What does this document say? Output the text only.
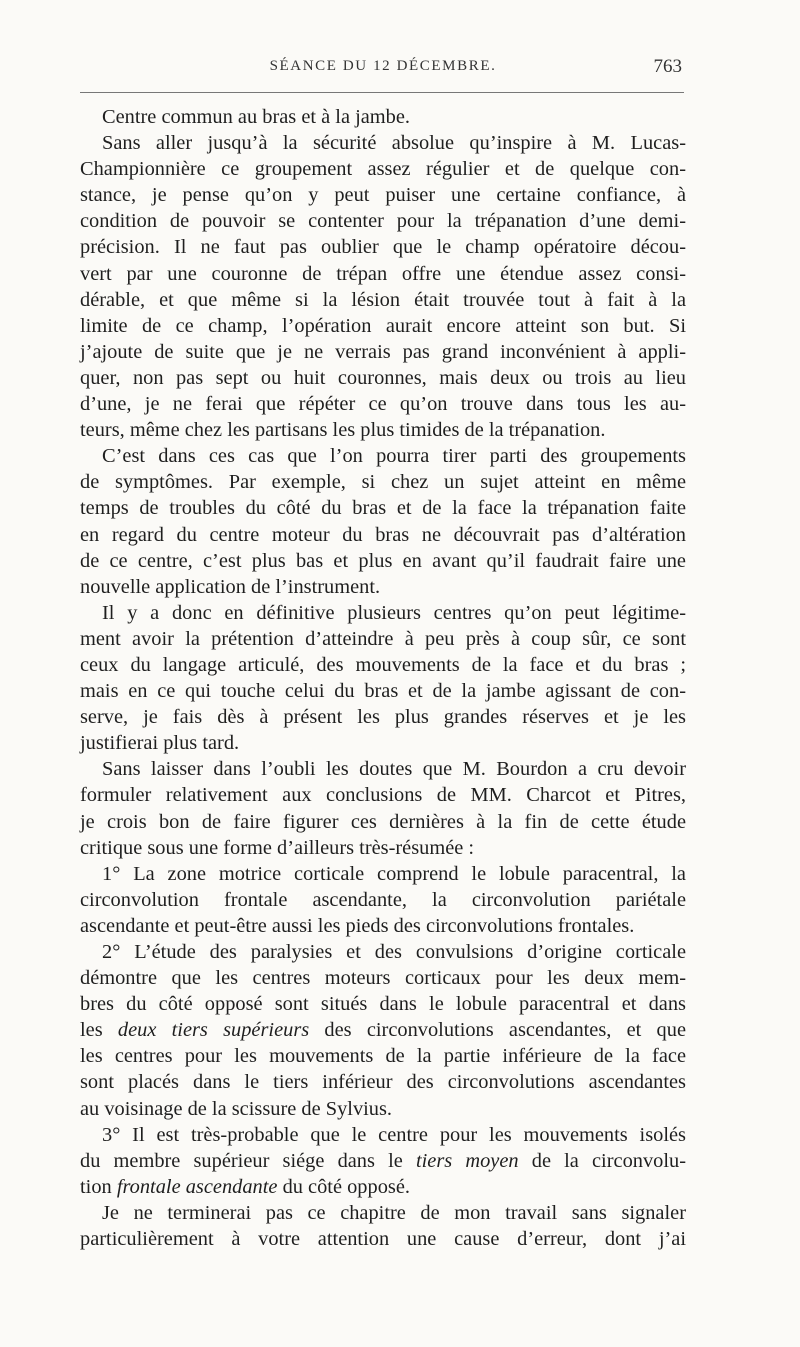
SÉANCE DU 12 DÉCEMBRE.	763
Centre commun au bras et à la jambe.
Sans aller jusqu’à la sécurité absolue qu’inspire à M. Lucas-
Championnière ce groupement assez régulier et de quelque con-
stance, je pense qu’on y peut puiser une certaine confiance, à
condition de pouvoir se contenter pour la trépanation d’une demi-
précision. Il ne faut pas oublier que le champ opératoire décou-
vert par une couronne de trépan offre une étendue assez consi-
dérable, et que même si la lésion était trouvée tout à fait à la
limite de ce champ, l’opération aurait encore atteint son but. Si
j’ajoute de suite que je ne verrais pas grand inconvénient à appli-
quer, non pas sept ou huit couronnes, mais deux ou trois au lieu
d’une, je ne ferai que répéter ce qu’on trouve dans tous les au-
teurs, même chez les partisans les plus timides de la trépanation.
C’est dans ces cas que l’on pourra tirer parti des groupements
de symptômes. Par exemple, si chez un sujet atteint en même
temps de troubles du côté du bras et de la face la trépanation faite
en regard du centre moteur du bras ne découvrait pas d’altération
de ce centre, c’est plus bas et plus en avant qu’il faudrait faire une
nouvelle application de l’instrument.
Il y a donc en définitive plusieurs centres qu’on peut légitime-
ment avoir la prétention d’atteindre à peu près à coup sûr, ce sont
ceux du langage articulé, des mouvements de la face et du bras ;
mais en ce qui touche celui du bras et de la jambe agissant de con-
serve, je fais dès à présent les plus grandes réserves et je les
justifierai plus tard.
Sans laisser dans l’oubli les doutes que M. Bourdon a cru devoir
formuler relativement aux conclusions de MM. Charcot et Pitres,
je crois bon de faire figurer ces dernières à la fin de cette étude
critique sous une forme d’ailleurs très-résumée :
1° La zone motrice corticale comprend le lobule paracentral, la
circonvolution frontale ascendante, la circonvolution pariétale
ascendante et peut-être aussi les pieds des circonvolutions frontales.
2° L’étude des paralysies et des convulsions d’origine corticale
démontre que les centres moteurs corticaux pour les deux mem-
bres du côté opposé sont situés dans le lobule paracentral et dans
les deux tiers supérieurs des circonvolutions ascendantes, et que
les centres pour les mouvements de la partie inférieure de la face
sont placés dans le tiers inférieur des circonvolutions ascendantes
au voisinage de la scissure de Sylvius.
3° Il est très-probable que le centre pour les mouvements isolés
du membre supérieur siége dans le tiers moyen de la circonvolu-
tion frontale ascendante du côté opposé.
Je ne terminerai pas ce chapitre de mon travail sans signaler
particulièrement à votre attention une cause d’erreur, dont j’ai
